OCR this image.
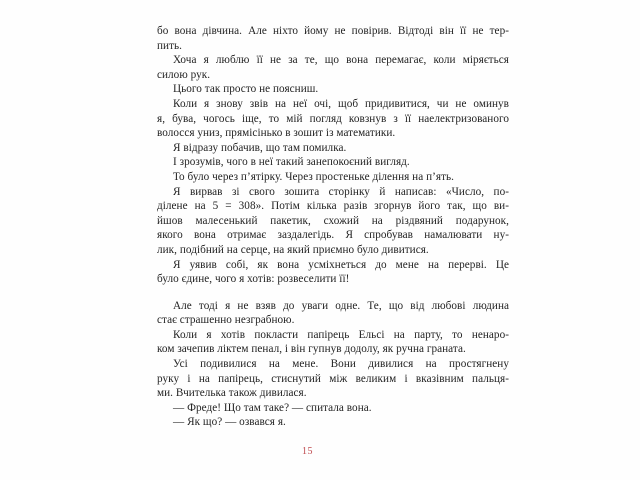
бо вона дівчина. Але ніхто йому не повірив. Відтоді він її не тер-
пить.
Хоча я люблю її не за те, що вона перемагає, коли міряється
силою рук.
Цього так просто не поясниш.
Коли я знову звів на неї очі, щоб придивитися, чи не оминув
я, бува, чогось іще, то мій погляд ковзнув з її наелектризованого
волосся униз, прямісінько в зошит із математики.
Я відразу побачив, що там помилка.
І зрозумів, чого в неї такий занепокоєний вигляд.
То було через п’ятірку. Через простеньке ділення на п’ять.
Я вирвав зі свого зошита сторінку й написав: «Число, по-
ділене на 5 = 308». Потім кілька разів згорнув його так, що ви-
йшов малесенький пакетик, схожий на різдвяний подарунок,
якого вона отримає заздалегідь. Я спробував намалювати ну-
лик, подібний на серце, на який приємно було дивитися.
Я уявив собі, як вона усміхнеться до мене на перерві. Це
було єдине, чого я хотів: розвеселити її!
Але тоді я не взяв до уваги одне. Те, що від любові людина
стає страшенно незграбною.
Коли я хотів покласти папірець Ельсі на парту, то ненаро-
ком зачепив ліктем пенал, і він гупнув додолу, як ручна граната.
Усі подивилися на мене. Вони дивилися на простягнену
руку і на папірець, стиснутий між великим і вказівним пальця-
ми. Вчителька також дивилася.
— Фреде! Що там таке? — спитала вона.
— Як що? — озвався я.
15
